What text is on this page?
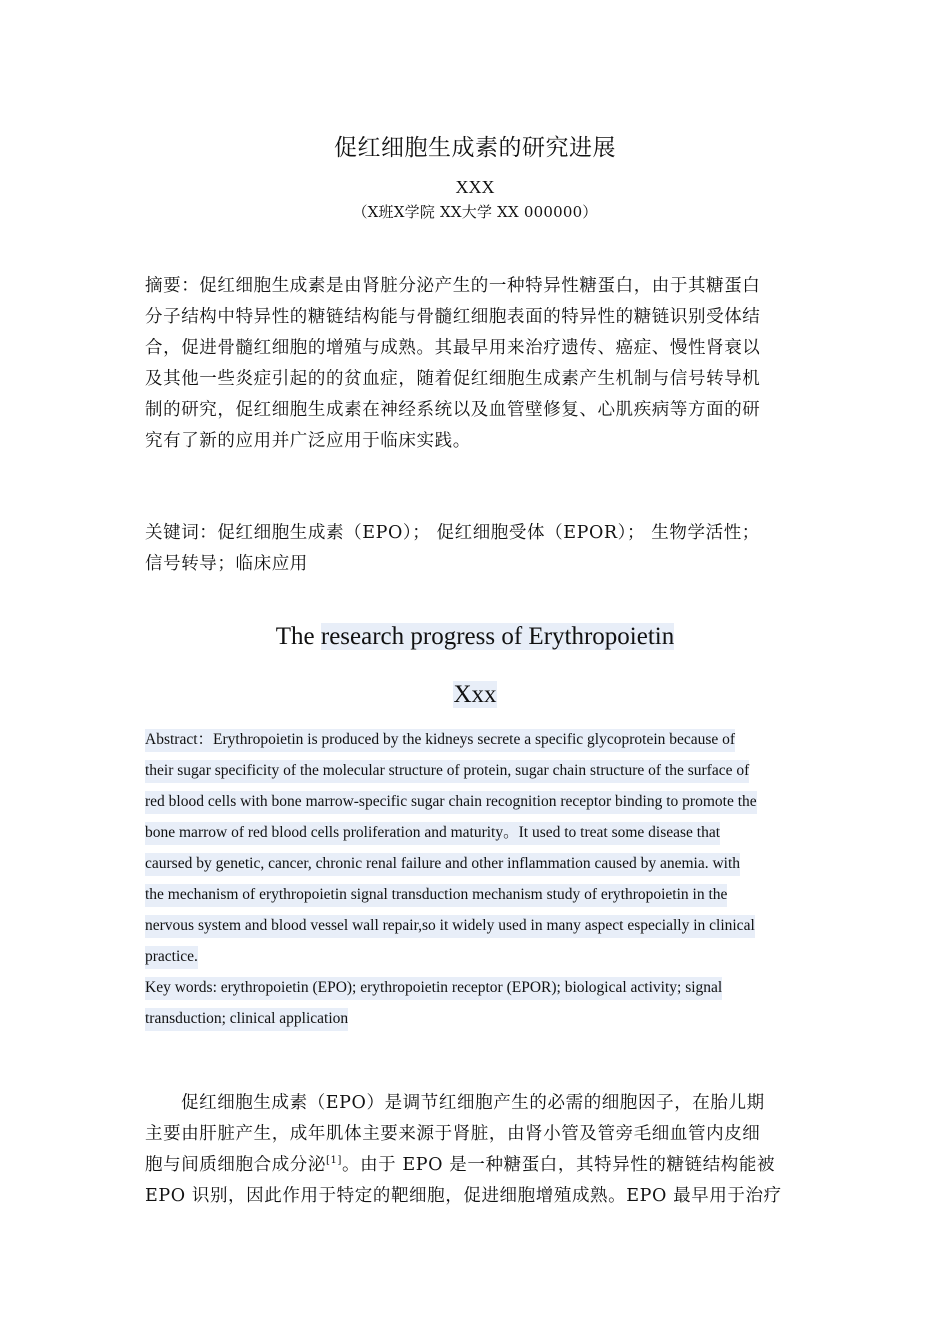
促红细胞生成素的研究进展
XXX
（X班X学院 XX大学 XX 000000）
摘要：促红细胞生成素是由肾脏分泌产生的一种特异性糖蛋白，由于其糖蛋白
分子结构中特异性的糖链结构能与骨髓红细胞表面的特异性的糖链识别受体结
合，促进骨髓红细胞的增殖与成熟。其最早用来治疗遗传、癌症、慢性肾衰以
及其他一些炎症引起的的贫血症，随着促红细胞生成素产生机制与信号转导机
制的研究，促红细胞生成素在神经系统以及血管壁修复、心肌疾病等方面的研
究有了新的应用并广泛应用于临床实践。
关键词：促红细胞生成素（EPO）； 促红细胞受体（EPOR）； 生物学活性；
信号转导；临床应用
The research progress of Erythropoietin
Xxx
Abstract：Erythropoietin is produced by the kidneys secrete a specific glycoprotein because of
their sugar specificity of the molecular structure of protein, sugar chain structure of the surface of
red blood cells with bone marrow-specific sugar chain recognition receptor binding to promote the
bone marrow of red blood cells proliferation and maturity。It used to treat some disease that
caursed by genetic, cancer, chronic renal failure and other inflammation caused by anemia. with
the mechanism of erythropoietin signal transduction mechanism study of erythropoietin in the
nervous system and blood vessel wall repair,so it widely used in many aspect especially in clinical
practice.
Key words: erythropoietin (EPO); erythropoietin receptor (EPOR); biological activity; signal
transduction; clinical application
促红细胞生成素（EPO）是调节红细胞产生的必需的细胞因子，在胎儿期
主要由肝脏产生，成年肌体主要来源于肾脏，由肾小管及管旁毛细血管内皮细
胞与间质细胞合成分泌[1]。由于 EPO 是一种糖蛋白，其特异性的糖链结构能被
EPO 识别，因此作用于特定的靶细胞，促进细胞增殖成熟。EPO 最早用于治疗
